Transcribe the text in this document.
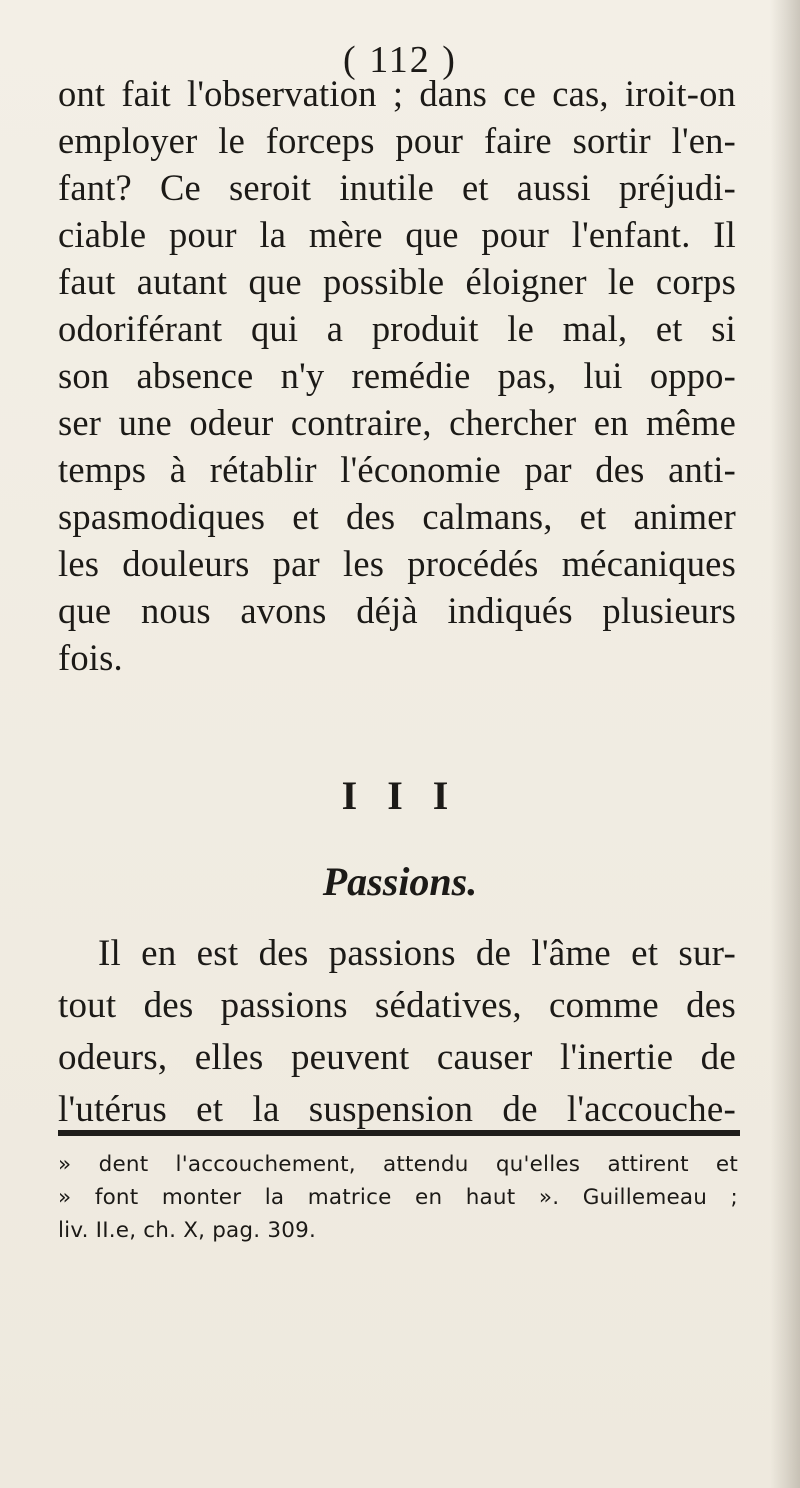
( 112 )
ont fait l'observation ; dans ce cas, iroit-on
employer le forceps pour faire sortir l'en-
fant? Ce seroit inutile et aussi préjudi-
ciable pour la mère que pour l'enfant. Il
faut autant que possible éloigner le corps
odoriférant qui a produit le mal, et si
son absence n'y remédie pas, lui oppo-
ser une odeur contraire, chercher en même
temps à rétablir l'économie par des anti-
spasmodiques et des calmans, et animer
les douleurs par les procédés mécaniques
que nous avons déjà indiqués plusieurs
fois.
I I I
Passions.
Il en est des passions de l'âme et sur-
tout des passions sédatives, comme des
odeurs, elles peuvent causer l'inertie de
l'utérus et la suspension de l'accouche-
» dent l'accouchement, attendu qu'elles attirent et
» font monter la matrice en haut ». Guillemeau ;
liv. II.e, ch. X, pag. 309.
